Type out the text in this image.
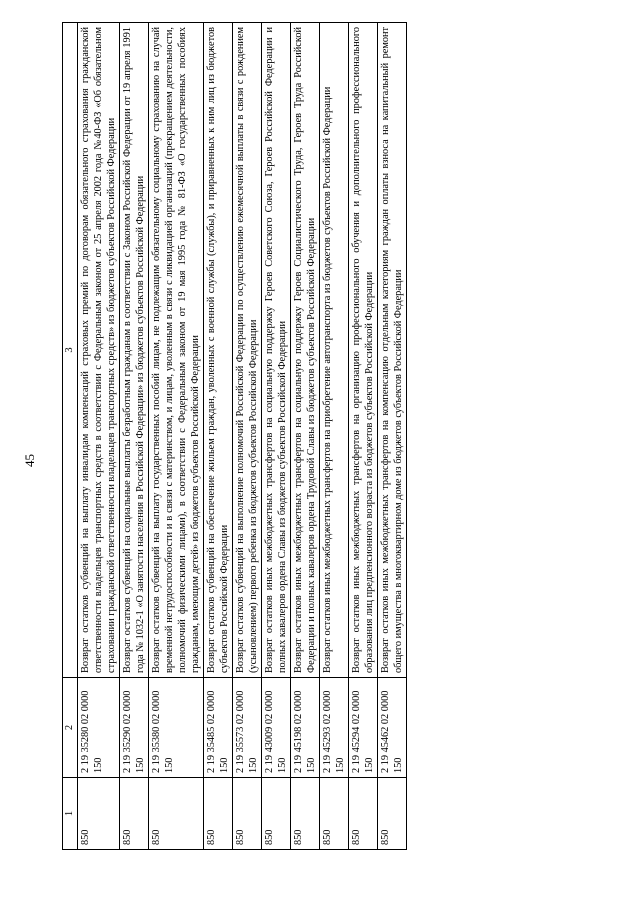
45
1	2	3
850	2 19 35280 02 0000 150	Возврат остатков субвенций на выплату инвалидам компенсаций страховых премий по договорам обязательного страхования гражданской ответственности владельцев транспортных средств в соответствии с Федеральным законом от 25 апреля 2002 года №40-ФЗ «Об обязательном страховании гражданской ответственности владельцев транспортных средств» из бюджетов субъектов Российской Федерации
850	2 19 35290 02 0000 150	Возврат остатков субвенций на социальные выплаты безработным гражданам в соответствии с Законом Российской Федерации от 19 апреля 1991 года № 1032-1 «О занятости населения в Российской Федерации» из бюджетов субъектов Российской Федерации
850	2 19 35380 02 0000 150	Возврат остатков субвенций на выплату государственных пособий лицам, не подлежащим обязательному социальному страхованию на случай временной нетрудоспособности и в связи с материнством, и лицам, уволенным в связи с ликвидацией организаций (прекращением деятельности, полномочий физическими лицами), в соответствии с Федеральным законом от 19 мая 1995 года № 81-ФЗ «О государственных пособиях гражданам, имеющим детей» из бюджетов субъектов Российской Федерации
850	2 19 35485 02 0000 150	Возврат остатков субвенций на обеспечение жильем граждан, уволенных с военной службы (службы), и приравненных к ним лиц из бюджетов субъектов Российской Федерации
850	2 19 35573 02 0000 150	Возврат остатков субвенций на выполнение полномочий Российской Федерации по осуществлению ежемесячной выплаты в связи с рождением (усыновлением) первого ребенка из бюджетов субъектов Российской Федерации
850	2 19 43009 02 0000 150	Возврат остатков иных межбюджетных трансфертов на социальную поддержку Героев Советского Союза, Героев Российской Федерации и полных кавалеров ордена Славы из бюджетов субъектов Российской Федерации
850	2 19 45198 02 0000 150	Возврат остатков иных межбюджетных трансфертов на социальную поддержку Героев Социалистического Труда, Героев Труда Российской Федерации и полных кавалеров ордена Трудовой Славы из бюджетов субъектов Российской Федерации
850	2 19 45293 02 0000 150	Возврат остатков иных межбюджетных трансфертов на приобретение автотранспорта из бюджетов субъектов Российской Федерации
850	2 19 45294 02 0000 150	Возврат остатков иных межбюджетных трансфертов на организацию профессионального обучения и дополнительного профессионального образования лиц предпенсионного возраста из бюджетов субъектов Российской Федерации
850	2 19 45462 02 0000 150	Возврат остатков иных межбюджетных трансфертов на компенсацию отдельным категориям граждан оплаты взноса на капитальный ремонт общего имущества в многоквартирном доме из бюджетов субъектов Российской Федерации
